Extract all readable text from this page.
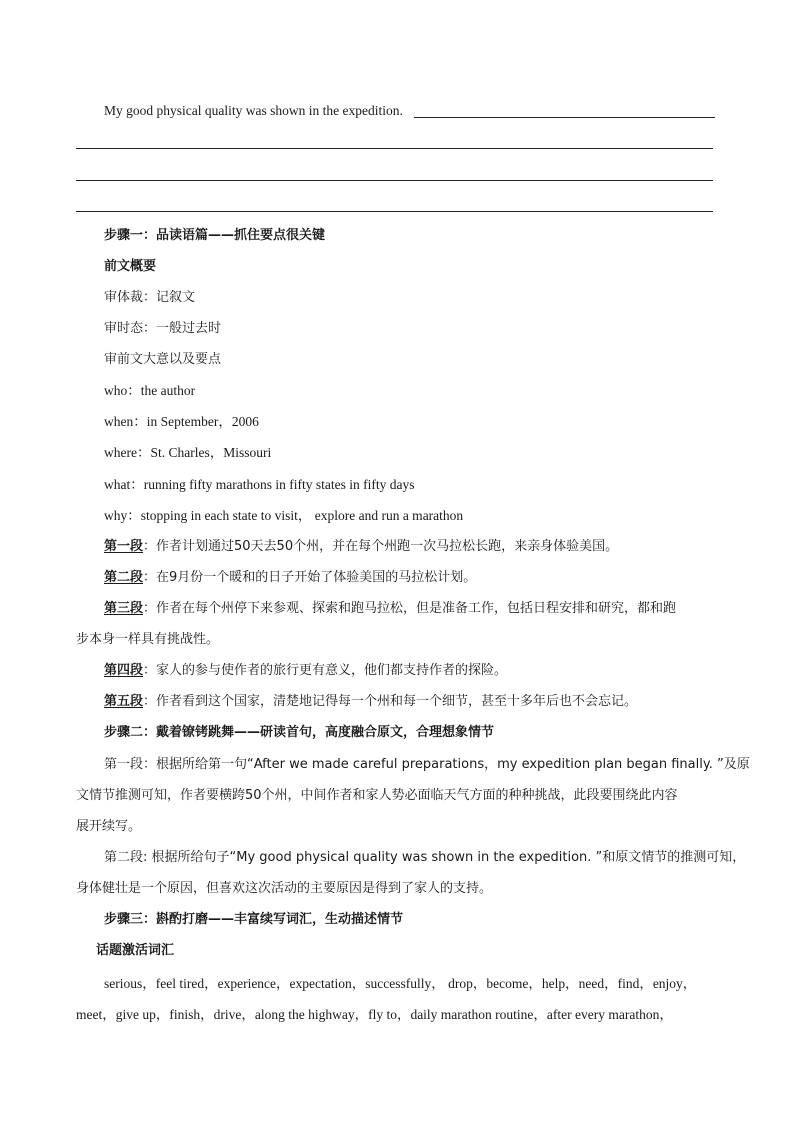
My good physical quality was shown in the expedition.
步骤一：品读语篇——抓住要点很关键
前文概要
审体裁：记叙文
审时态：一般过去时
审前文大意以及要点
who：the author
when：in September，2006
where：St. Charles，Missouri
what：running fifty marathons in fifty states in fifty days
why：stopping in each state to visit， explore and run a marathon
第一段：作者计划通过50天去50个州，并在每个州跑一次马拉松长跑，来亲身体验美国。
第二段：在9月份一个暖和的日子开始了体验美国的马拉松计划。
第三段：作者在每个州停下来参观、探索和跑马拉松，但是准备工作，包括日程安排和研究，都和跑
步本身一样具有挑战性。
第四段：家人的参与使作者的旅行更有意义，他们都支持作者的探险。
第五段：作者看到这个国家，清楚地记得每一个州和每一个细节，甚至十多年后也不会忘记。
步骤二：戴着镣铐跳舞——研读首句，高度融合原文，合理想象情节
第一段：根据所给第一句“After we made careful preparations，my expedition plan began finally. ”及原
文情节推测可知，作者要横跨50个州，中间作者和家人势必面临天气方面的种种挑战，此段要围绕此内容
展开续写。
第二段: 根据所给句子“My good physical quality was shown in the expedition. ”和原文情节的推测可知，
身体健壮是一个原因，但喜欢这次活动的主要原因是得到了家人的支持。
步骤三：斟酌打磨——丰富续写词汇，生动描述情节
话题激活词汇
serious，feel tired，experience，expectation，successfully， drop，become，help，need，find，enjoy，
meet，give up，finish，drive，along the highway，fly to，daily marathon routine，after every marathon，
